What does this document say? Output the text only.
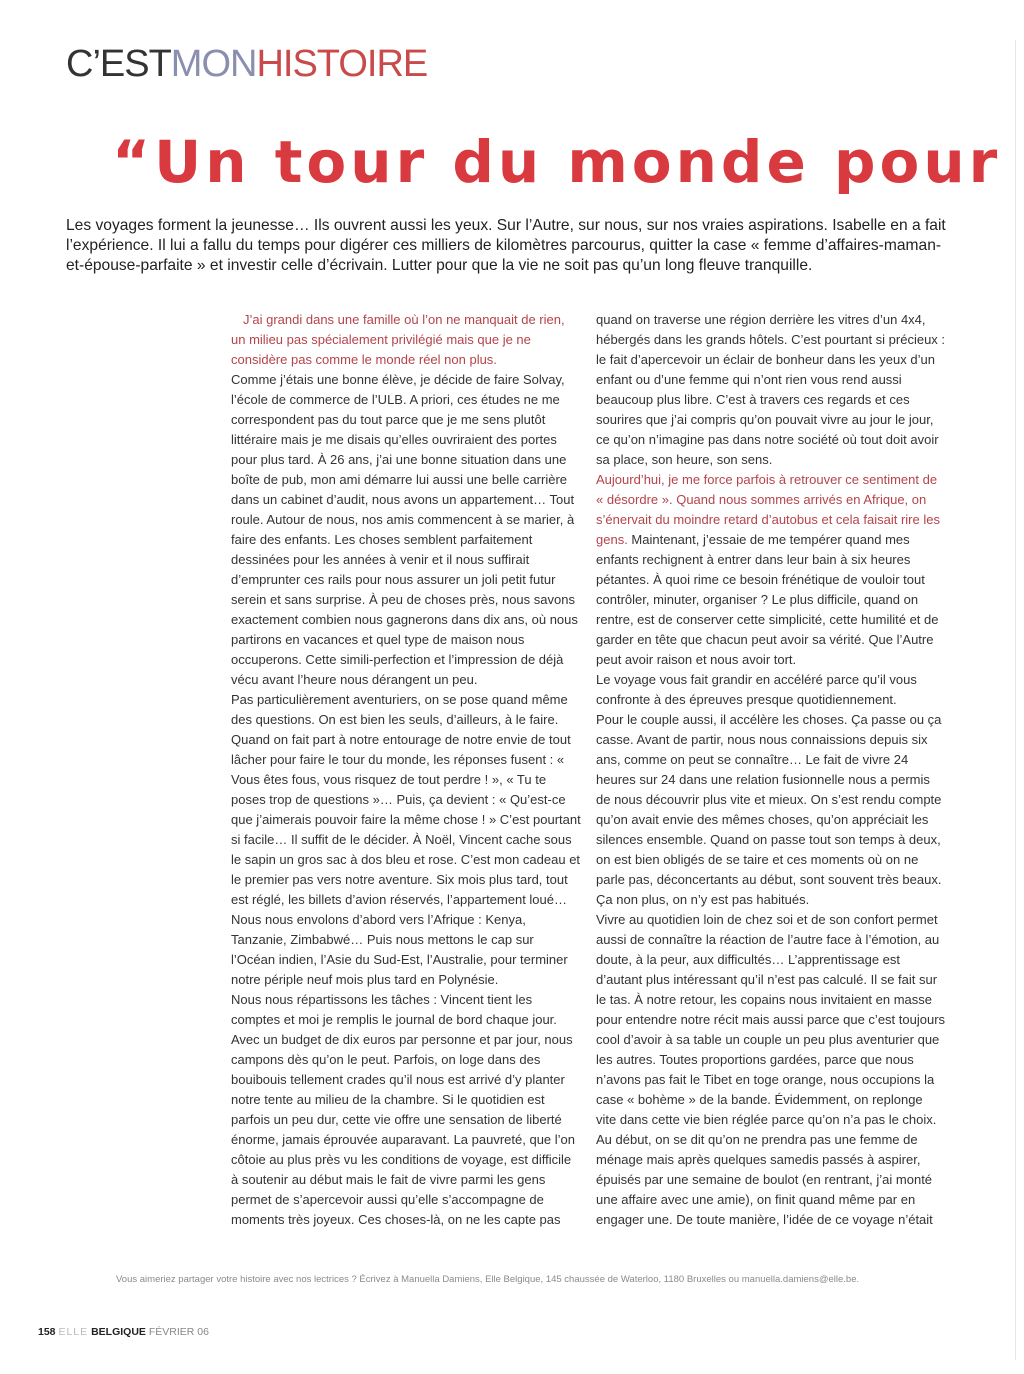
C’ESTMONHISTOIRE
“Un tour du monde pour

Les voyages forment la jeunesse… Ils ouvrent aussi les yeux. Sur l’Autre, sur nous, sur nos vraies aspirations. Isabelle en a fait l’expérience. Il lui a fallu du temps pour digérer ces milliers de kilomètres parcourus, quitter la case « femme d’affaires-maman-et-épouse-parfaite » et investir celle d’écrivain. Lutter pour que la vie ne soit pas qu’un long fleuve tranquille.

J’ai grandi dans une famille où l’on ne manquait de rien, un milieu pas spécialement privilégié mais que je ne considère pas comme le monde réel non plus.

Comme j’étais une bonne élève, je décide de faire Solvay, l’école de commerce de l’ULB. A priori, ces études ne me correspondent pas du tout parce que je me sens plutôt littéraire mais je me disais qu’elles ouvriraient des portes pour plus tard. À 26 ans, j’ai une bonne situation dans une boîte de pub, mon ami démarre lui aussi une belle carrière dans un cabinet d’audit, nous avons un appartement… Tout roule. Autour de nous, nos amis commencent à se marier, à faire des enfants. Les choses semblent parfaitement dessinées pour les années à venir et il nous suffirait d’emprunter ces rails pour nous assurer un joli petit futur serein et sans surprise. À peu de choses près, nous savons exactement combien nous gagnerons dans dix ans, où nous partirons en vacances et quel type de maison nous occuperons. Cette simili-perfection et l’impression de déjà vécu avant l’heure nous dérangent un peu.

Pas particulièrement aventuriers, on se pose quand même des questions. On est bien les seuls, d’ailleurs, à le faire. Quand on fait part à notre entourage de notre envie de tout lâcher pour faire le tour du monde, les réponses fusent : « Vous êtes fous, vous risquez de tout perdre ! », « Tu te poses trop de questions »… Puis, ça devient : « Qu’est-ce que j’aimerais pouvoir faire la même chose ! » C’est pourtant si facile… Il suffit de le décider. À Noël, Vincent cache sous le sapin un gros sac à dos bleu et rose. C’est mon cadeau et le premier pas vers notre aventure. Six mois plus tard, tout est réglé, les billets d’avion réservés, l’appartement loué… Nous nous envolons d’abord vers l’Afrique : Kenya, Tanzanie, Zimbabwé… Puis nous mettons le cap sur l’Océan indien, l’Asie du Sud-Est, l’Australie, pour terminer notre périple neuf mois plus tard en Polynésie.

Nous nous répartissons les tâches : Vincent tient les comptes et moi je remplis le journal de bord chaque jour.

Avec un budget de dix euros par personne et par jour, nous campons dès qu’on le peut. Parfois, on loge dans des bouibouis tellement crades qu’il nous est arrivé d’y planter notre tente au milieu de la chambre. Si le quotidien est parfois un peu dur, cette vie offre une sensation de liberté énorme, jamais éprouvée auparavant. La pauvreté, que l’on côtoie au plus près vu les conditions de voyage, est difficile à soutenir au début mais le fait de vivre parmi les gens permet de s’apercevoir aussi qu’elle s’accompagne de moments très joyeux. Ces choses-là, on ne les capte pas

quand on traverse une région derrière les vitres d’un 4x4, hébergés dans les grands hôtels. C’est pourtant si précieux : le fait d’apercevoir un éclair de bonheur dans les yeux d’un enfant ou d’une femme qui n’ont rien vous rend aussi beaucoup plus libre. C’est à travers ces regards et ces sourires que j’ai compris qu’on pouvait vivre au jour le jour, ce qu’on n’imagine pas dans notre société où tout doit avoir sa place, son heure, son sens.

Aujourd’hui, je me force parfois à retrouver ce sentiment de « désordre ». Quand nous sommes arrivés en Afrique, on s’énervait du moindre retard d’autobus et cela faisait rire les gens. Maintenant, j’essaie de me tempérer quand mes enfants rechignent à entrer dans leur bain à six heures pétantes. À quoi rime ce besoin frénétique de vouloir tout contrôler, minuter, organiser ? Le plus difficile, quand on rentre, est de conserver cette simplicité, cette humilité et de garder en tête que chacun peut avoir sa vérité. Que l’Autre peut avoir raison et nous avoir tort.

Le voyage vous fait grandir en accéléré parce qu’il vous confronte à des épreuves presque quotidiennement.

Pour le couple aussi, il accélère les choses. Ça passe ou ça casse. Avant de partir, nous nous connaissions depuis six ans, comme on peut se connaître… Le fait de vivre 24 heures sur 24 dans une relation fusionnelle nous a permis de nous découvrir plus vite et mieux. On s’est rendu compte qu’on avait envie des mêmes choses, qu’on appréciait les silences ensemble. Quand on passe tout son temps à deux, on est bien obligés de se taire et ces moments où on ne parle pas, déconcertants au début, sont souvent très beaux. Ça non plus, on n’y est pas habitués.

Vivre au quotidien loin de chez soi et de son confort permet aussi de connaître la réaction de l’autre face à l’émotion, au doute, à la peur, aux difficultés… L’apprentissage est d’autant plus intéressant qu’il n’est pas calculé. Il se fait sur le tas. À notre retour, les copains nous invitaient en masse pour entendre notre récit mais aussi parce que c’est toujours cool d’avoir à sa table un couple un peu plus aventurier que les autres. Toutes proportions gardées, parce que nous n’avons pas fait le Tibet en toge orange, nous occupions la case « bohème » de la bande. Évidemment, on replonge vite dans cette vie bien réglée parce qu’on n’a pas le choix.

Au début, on se dit qu’on ne prendra pas une femme de ménage mais après quelques samedis passés à aspirer, épuisés par une semaine de boulot (en rentrant, j’ai monté une affaire avec une amie), on finit quand même par en engager une. De toute manière, l’idée de ce voyage n’était

Vous aimeriez partager votre histoire avec nos lectrices ? Écrivez à Manuella Damiens, Elle Belgique, 145 chaussée de Waterloo, 1180 Bruxelles ou manuella.damiens@elle.be.
158 ELLE BELGIQUE FÉVRIER 06
